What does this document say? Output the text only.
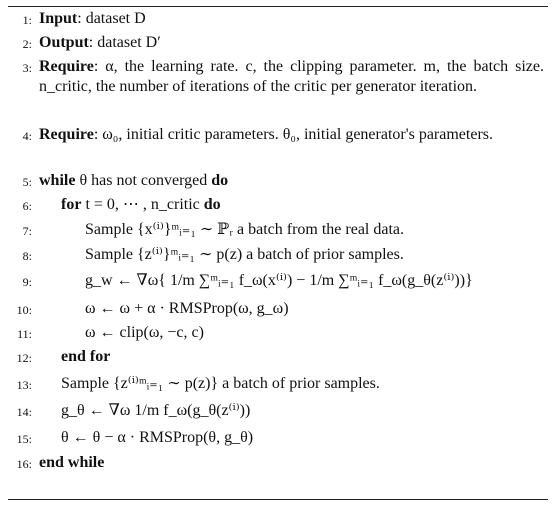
1: Input: dataset D
2: Output: dataset D′
3: Require: α, the learning rate. c, the clipping parameter. m, the batch size. n_critic, the number of iterations of the critic per generator iteration.
4: Require: ω₀, initial critic parameters. θ₀, initial generator's parameters.
5: while θ has not converged do
6: for t = 0, ⋯ , n_critic do
7:	Sample {x⁽ⁱ⁾}ᵐᵢ₌₁ ∼ ℙᵣ a batch from the real data.
8:	Sample {z⁽ⁱ⁾}ᵐᵢ₌₁ ∼ p(z) a batch of prior samples.
9:	g_w ← ∇ω{ 1/m ∑ᵐᵢ₌₁ f_ω(x⁽ⁱ⁾) − 1/m ∑ᵐᵢ₌₁ f_ω(g_θ(z⁽ⁱ⁾))}
10:	ω ← ω + α · RMSProp(ω, g_ω)
11:	ω ← clip(ω, −c, c)
12: end for
13: Sample {z⁽ⁱ⁾ᵐᵢ₌₁ ∼ p(z)} a batch of prior samples.
14: g_θ ← ∇ω 1/m f_ω(g_θ(z⁽ⁱ⁾))
15: θ ← θ − α · RMSProp(θ, g_θ)
16: end while
